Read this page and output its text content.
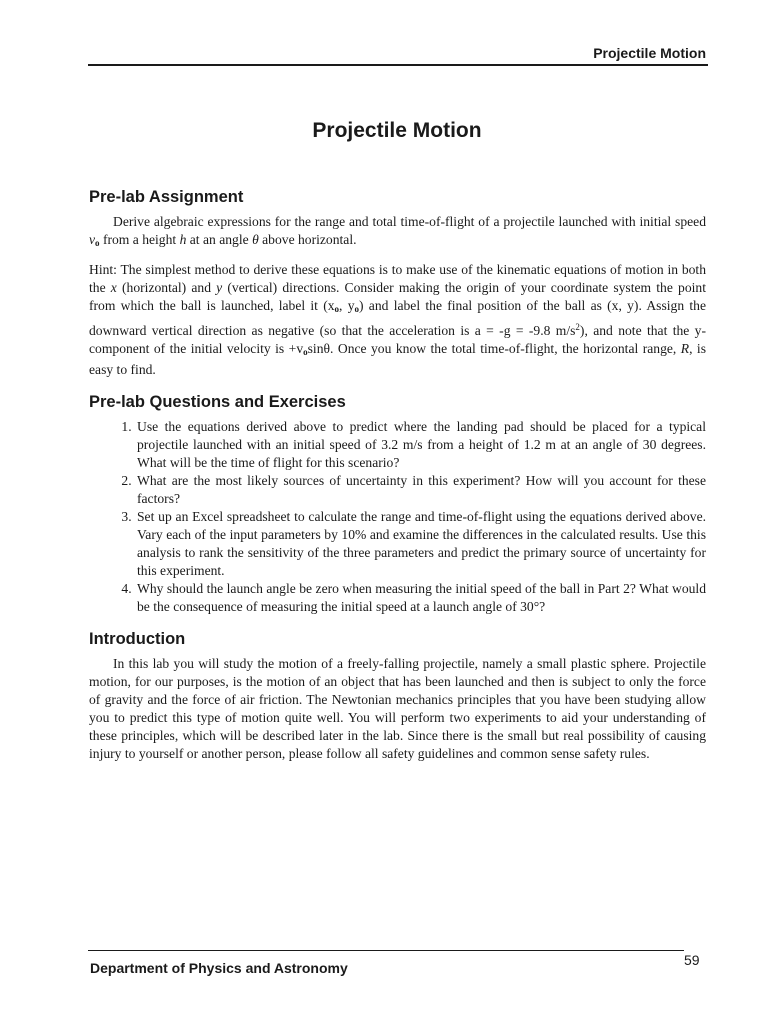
Projectile Motion
Projectile Motion
Pre-lab Assignment

Derive algebraic expressions for the range and total time-of-flight of a projectile launched with initial speed $v_o$ from a height h at an angle θ above horizontal.

Hint: The simplest method to derive these equations is to make use of the kinematic equations of motion in both the x (horizontal) and y (vertical) directions. Consider making the origin of your coordinate system the point from which the ball is launched, label it ($x_o$, $y_o$) and label the final position of the ball as (x, y). Assign the downward vertical direction as negative (so that the acceleration is a = -g = -9.8 $m/s^2$), and note that the y-component of the initial velocity is $+v_o\sin\theta$. Once you know the total time-of-flight, the horizontal range, R, is easy to find.

Pre-lab Questions and Exercises
1. Use the equations derived above to predict where the landing pad should be placed for a typical projectile launched with an initial speed of 3.2 m/s from a height of 1.2 m at an angle of 30 degrees. What will be the time of flight for this scenario?
2. What are the most likely sources of uncertainty in this experiment? How will you account for these factors?
3. Set up an Excel spreadsheet to calculate the range and time-of-flight using the equations derived above. Vary each of the input parameters by 10% and examine the differences in the calculated results. Use this analysis to rank the sensitivity of the three parameters and predict the primary source of uncertainty for this experiment.
4. Why should the launch angle be zero when measuring the initial speed of the ball in Part 2? What would be the consequence of measuring the initial speed at a launch angle of 30°?
Introduction

In this lab you will study the motion of a freely-falling projectile, namely a small plastic sphere. Projectile motion, for our purposes, is the motion of an object that has been launched and then is subject to only the force of gravity and the force of air friction. The Newtonian mechanics principles that you have been studying allow you to predict this type of motion quite well. You will perform two experiments to aid your understanding of these principles, which will be described later in the lab. Since there is the small but real possibility of causing injury to yourself or another person, please follow all safety guidelines and common sense safety rules.

Department of Physics and Astronomy	59
